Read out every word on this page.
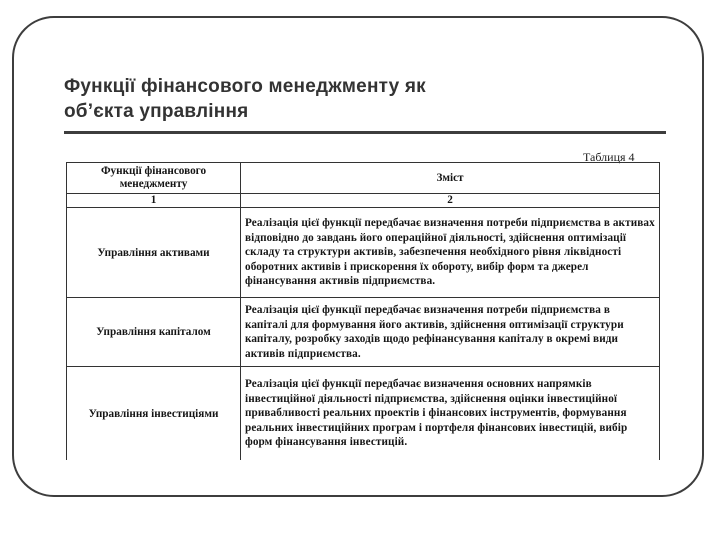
Функції фінансового менеджменту як
об’єкта управління
Таблиця 4
Функції фінансового менеджменту	Зміст
1	2
Управління активами	Реалізація цієї функції передбачає визначення потреби підприємства в активах відповідно до завдань його операційної діяльності, здійснення оптимізації складу та структури активів, забезпечення необхідного рівня ліквідності оборотних активів і прискорення їх обороту, вибір форм та джерел фінансування активів підприємства.
Управління капіталом	Реалізація цієї функції передбачає визначення потреби підприємства в капіталі для формування його активів, здійснення оптимізації структури капіталу, розробку заходів щодо рефінансування капіталу в окремі види активів підприємства.
Управління інвестиціями	Реалізація цієї функції передбачає визначення основних напрямків інвестиційної діяльності підприємства, здійснення оцінки інвестиційної привабливості реальних проектів і фінансових інструментів, формування реальних інвестиційних програм і портфеля фінансових інвестицій, вибір форм фінансування інвестицій.
